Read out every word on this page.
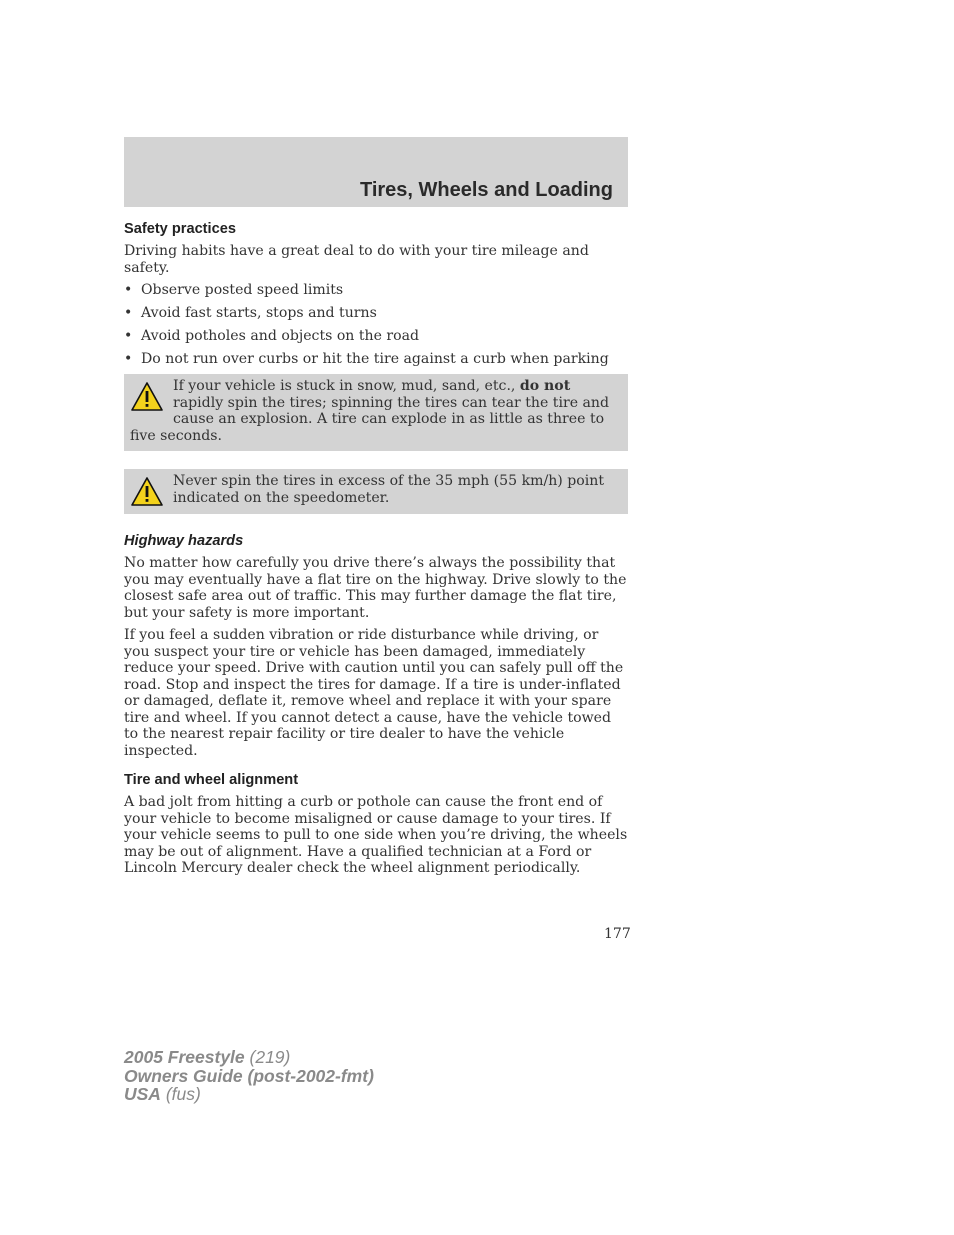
Tires, Wheels and Loading
Safety practices

Driving habits have a great deal to do with your tire mileage and safety.

• Observe posted speed limits
• Avoid fast starts, stops and turns
• Avoid potholes and objects on the road
• Do not run over curbs or hit the tire against a curb when parking
If your vehicle is stuck in snow, mud, sand, etc., do not rapidly spin the tires; spinning the tires can tear the tire and cause an explosion. A tire can explode in as little as three to five seconds.
Never spin the tires in excess of the 35 mph (55 km/h) point indicated on the speedometer.
Highway hazards

No matter how carefully you drive there’s always the possibility that you may eventually have a flat tire on the highway. Drive slowly to the closest safe area out of traffic. This may further damage the flat tire, but your safety is more important.

If you feel a sudden vibration or ride disturbance while driving, or you suspect your tire or vehicle has been damaged, immediately reduce your speed. Drive with caution until you can safely pull off the road. Stop and inspect the tires for damage. If a tire is under-inflated or damaged, deflate it, remove wheel and replace it with your spare tire and wheel. If you cannot detect a cause, have the vehicle towed to the nearest repair facility or tire dealer to have the vehicle inspected.

Tire and wheel alignment

A bad jolt from hitting a curb or pothole can cause the front end of your vehicle to become misaligned or cause damage to your tires. If your vehicle seems to pull to one side when you’re driving, the wheels may be out of alignment. Have a qualified technician at a Ford or Lincoln Mercury dealer check the wheel alignment periodically.

177
2005 Freestyle (219)
Owners Guide (post-2002-fmt)
USA (fus)
